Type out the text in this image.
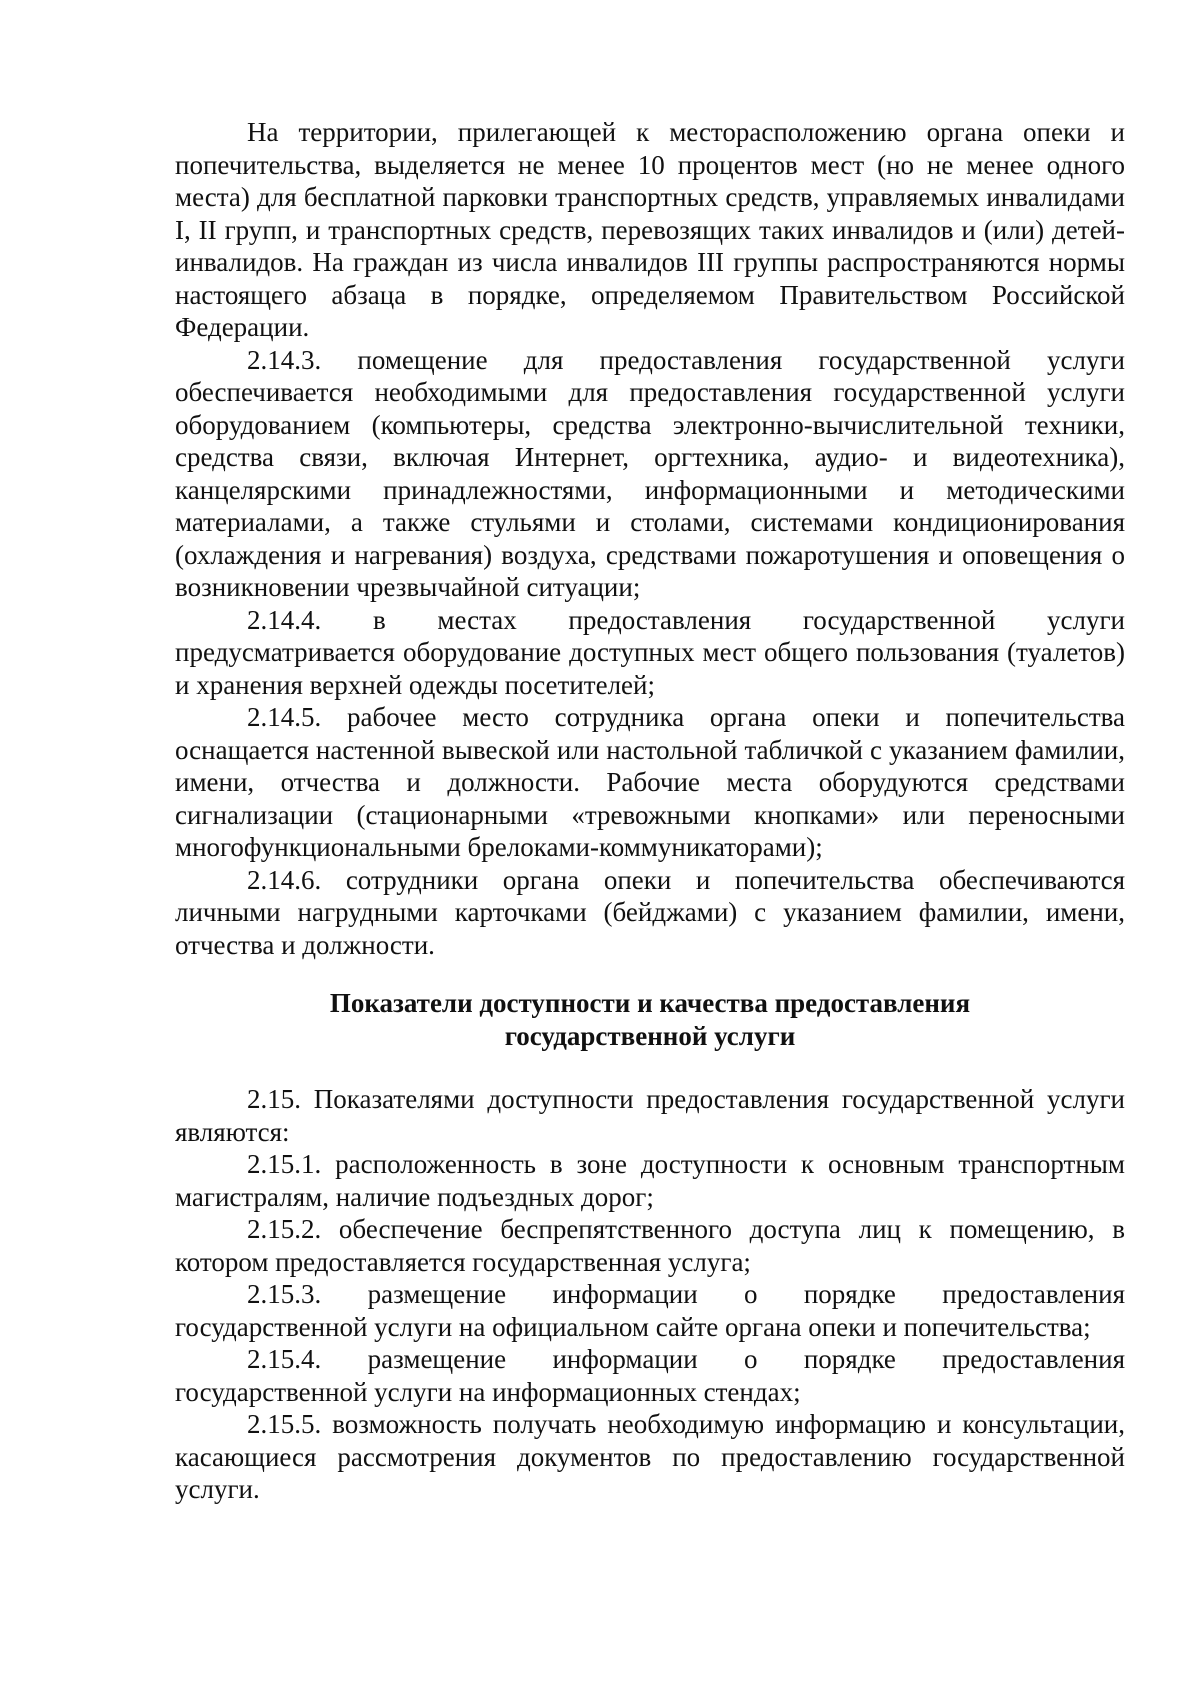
На территории, прилегающей к месторасположению органа опеки и попечительства, выделяется не менее 10 процентов мест (но не менее одного места) для бесплатной парковки транспортных средств, управляемых инвалидами I, II групп, и транспортных средств, перевозящих таких инвалидов и (или) детей-инвалидов. На граждан из числа инвалидов III группы распространяются нормы настоящего абзаца в порядке, определяемом Правительством Российской Федерации.

2.14.3. помещение для предоставления государственной услуги обеспечивается необходимыми для предоставления государственной услуги оборудованием (компьютеры, средства электронно-вычислительной техники, средства связи, включая Интернет, оргтехника, аудио- и видеотехника), канцелярскими принадлежностями, информационными и методическими материалами, а также стульями и столами, системами кондиционирования (охлаждения и нагревания) воздуха, средствами пожаротушения и оповещения о возникновении чрезвычайной ситуации;

2.14.4. в местах предоставления государственной услуги предусматривается оборудование доступных мест общего пользования (туалетов) и хранения верхней одежды посетителей;

2.14.5. рабочее место сотрудника органа опеки и попечительства оснащается настенной вывеской или настольной табличкой с указанием фамилии, имени, отчества и должности. Рабочие места оборудуются средствами сигнализации (стационарными «тревожными кнопками» или переносными многофункциональными брелоками-коммуникаторами);

2.14.6. сотрудники органа опеки и попечительства обеспечиваются личными нагрудными карточками (бейджами) с указанием фамилии, имени, отчества и должности.

Показатели доступности и качества предоставления
государственной услуги

2.15. Показателями доступности предоставления государственной услуги являются:

2.15.1. расположенность в зоне доступности к основным транспортным магистралям, наличие подъездных дорог;

2.15.2. обеспечение беспрепятственного доступа лиц к помещению, в котором предоставляется государственная услуга;

2.15.3. размещение информации о порядке предоставления государственной услуги на официальном сайте органа опеки и попечительства;

2.15.4. размещение информации о порядке предоставления государственной услуги на информационных стендах;

2.15.5. возможность получать необходимую информацию и консультации, касающиеся рассмотрения документов по предоставлению государственной услуги.
